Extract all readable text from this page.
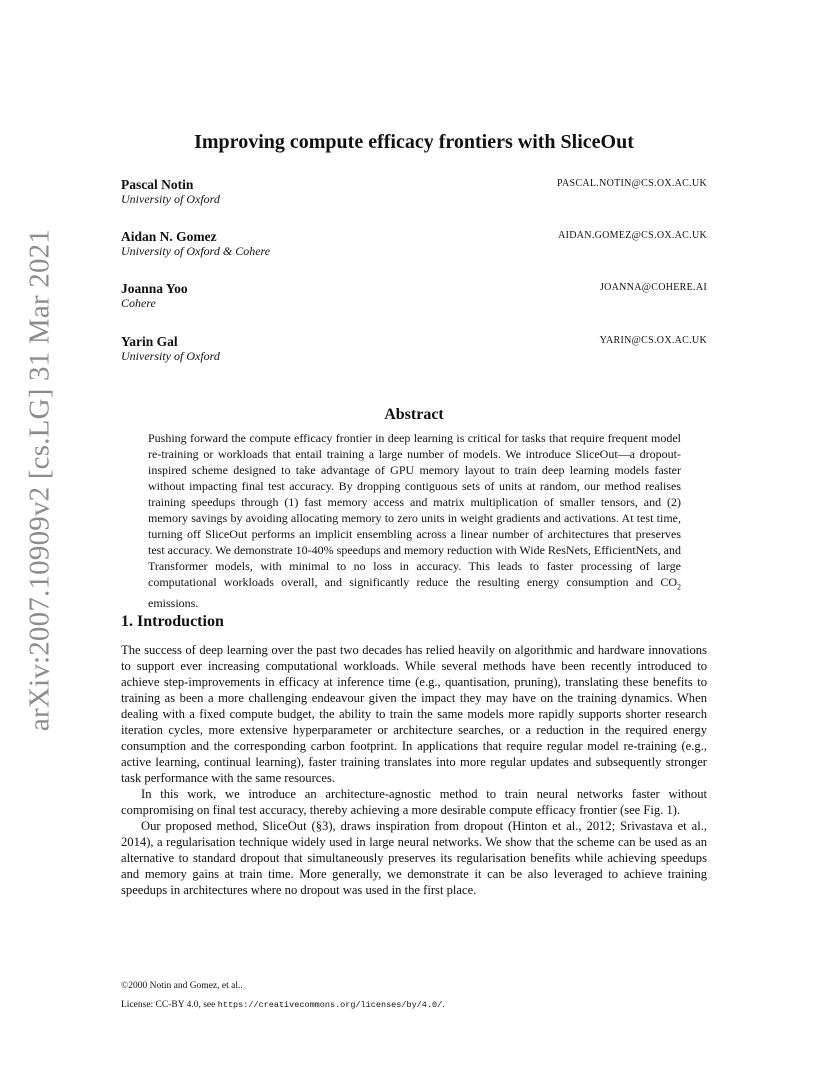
arXiv:2007.10909v2 [cs.LG] 31 Mar 2021
Improving compute efficacy frontiers with SliceOut
Pascal Notin	PASCAL.NOTIN@CS.OX.AC.UK
University of Oxford
Aidan N. Gomez	AIDAN.GOMEZ@CS.OX.AC.UK
University of Oxford & Cohere
Joanna Yoo	JOANNA@COHERE.AI
Cohere
Yarin Gal	YARIN@CS.OX.AC.UK
University of Oxford
Abstract
Pushing forward the compute efficacy frontier in deep learning is critical for tasks that require frequent model re-training or workloads that entail training a large number of models. We introduce SliceOut—a dropout-inspired scheme designed to take advantage of GPU memory layout to train deep learning models faster without impacting final test accuracy. By dropping contiguous sets of units at random, our method realises training speedups through (1) fast memory access and matrix multiplication of smaller tensors, and (2) memory savings by avoiding allocating memory to zero units in weight gradients and activations. At test time, turning off SliceOut performs an implicit ensembling across a linear number of architectures that preserves test accuracy. We demonstrate 10-40% speedups and memory reduction with Wide ResNets, EfficientNets, and Transformer models, with minimal to no loss in accuracy. This leads to faster processing of large computational workloads overall, and significantly reduce the resulting energy consumption and $CO_2$ emissions.
1. Introduction

The success of deep learning over the past two decades has relied heavily on algorithmic and hardware innovations to support ever increasing computational workloads. While several methods have been recently introduced to achieve step-improvements in efficacy at inference time (e.g., quantisation, pruning), translating these benefits to training as been a more challenging endeavour given the impact they may have on the training dynamics. When dealing with a fixed compute budget, the ability to train the same models more rapidly supports shorter research iteration cycles, more extensive hyperparameter or architecture searches, or a reduction in the required energy consumption and the corresponding carbon footprint. In applications that require regular model re-training (e.g., active learning, continual learning), faster training translates into more regular updates and subsequently stronger task performance with the same resources.

In this work, we introduce an architecture-agnostic method to train neural networks faster without compromising on final test accuracy, thereby achieving a more desirable compute efficacy frontier (see Fig. 1).

Our proposed method, SliceOut (§3), draws inspiration from dropout (Hinton et al., 2012; Srivastava et al., 2014), a regularisation technique widely used in large neural networks. We show that the scheme can be used as an alternative to standard dropout that simultaneously preserves its regularisation benefits while achieving speedups and memory gains at train time. More generally, we demonstrate it can be also leveraged to achieve training speedups in architectures where no dropout was used in the first place.

©2000 Notin and Gomez, et al..
License: CC-BY 4.0, see https://creativecommons.org/licenses/by/4.0/.
